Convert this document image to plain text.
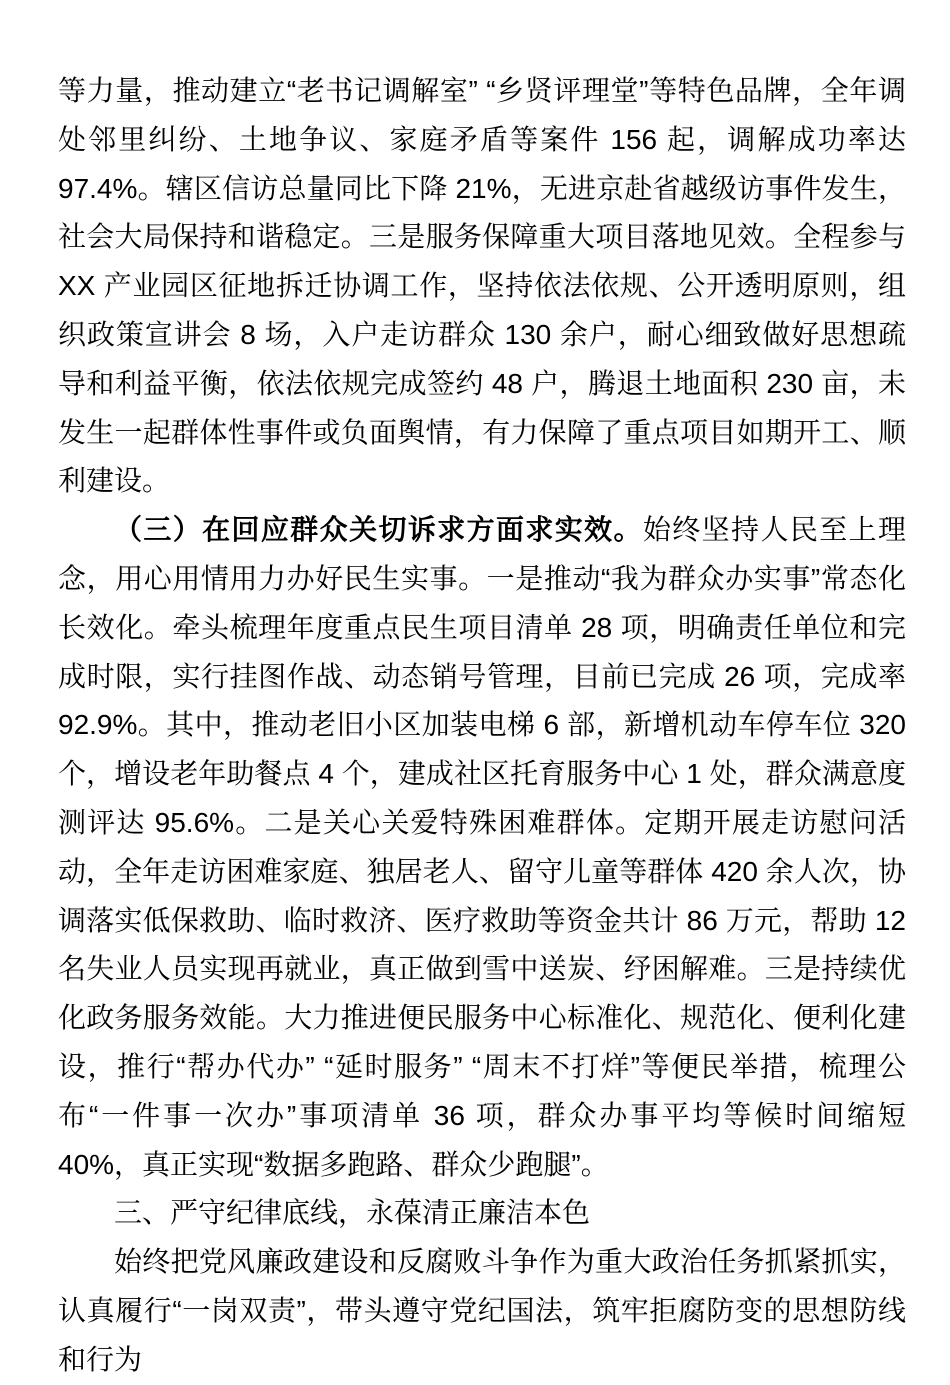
等力量，推动建立“老书记调解室” “乡贤评理堂”等特色品牌，全年调处邻里纠纷、土地争议、家庭矛盾等案件 156 起，调解成功率达 97.4%。辖区信访总量同比下降 21%，无进京赴省越级访事件发生，社会大局保持和谐稳定。三是服务保障重大项目落地见效。全程参与 XX 产业园区征地拆迁协调工作，坚持依法依规、公开透明原则，组织政策宣讲会 8 场，入户走访群众 130 余户，耐心细致做好思想疏导和利益平衡，依法依规完成签约 48 户，腾退土地面积 230 亩，未发生一起群体性事件或负面舆情，有力保障了重点项目如期开工、顺利建设。

（三）在回应群众关切诉求方面求实效。始终坚持人民至上理念，用心用情用力办好民生实事。一是推动“我为群众办实事”常态化长效化。牵头梳理年度重点民生项目清单 28 项，明确责任单位和完成时限，实行挂图作战、动态销号管理，目前已完成 26 项，完成率 92.9%。其中，推动老旧小区加装电梯 6 部，新增机动车停车位 320 个，增设老年助餐点 4 个，建成社区托育服务中心 1 处，群众满意度测评达 95.6%。二是关心关爱特殊困难群体。定期开展走访慰问活动，全年走访困难家庭、独居老人、留守儿童等群体 420 余人次，协调落实低保救助、临时救济、医疗救助等资金共计 86 万元，帮助 12 名失业人员实现再就业，真正做到雪中送炭、纾困解难。三是持续优化政务服务效能。大力推进便民服务中心标准化、规范化、便利化建设，推行“帮办代办” “延时服务” “周末不打烊”等便民举措，梳理公布“一件事一次办”事项清单 36 项，群众办事平均等候时间缩短 40%，真正实现“数据多跑路、群众少跑腿”。

三、严守纪律底线，永葆清正廉洁本色

始终把党风廉政建设和反腐败斗争作为重大政治任务抓紧抓实，认真履行“一岗双责”，带头遵守党纪国法，筑牢拒腐防变的思想防线和行为
